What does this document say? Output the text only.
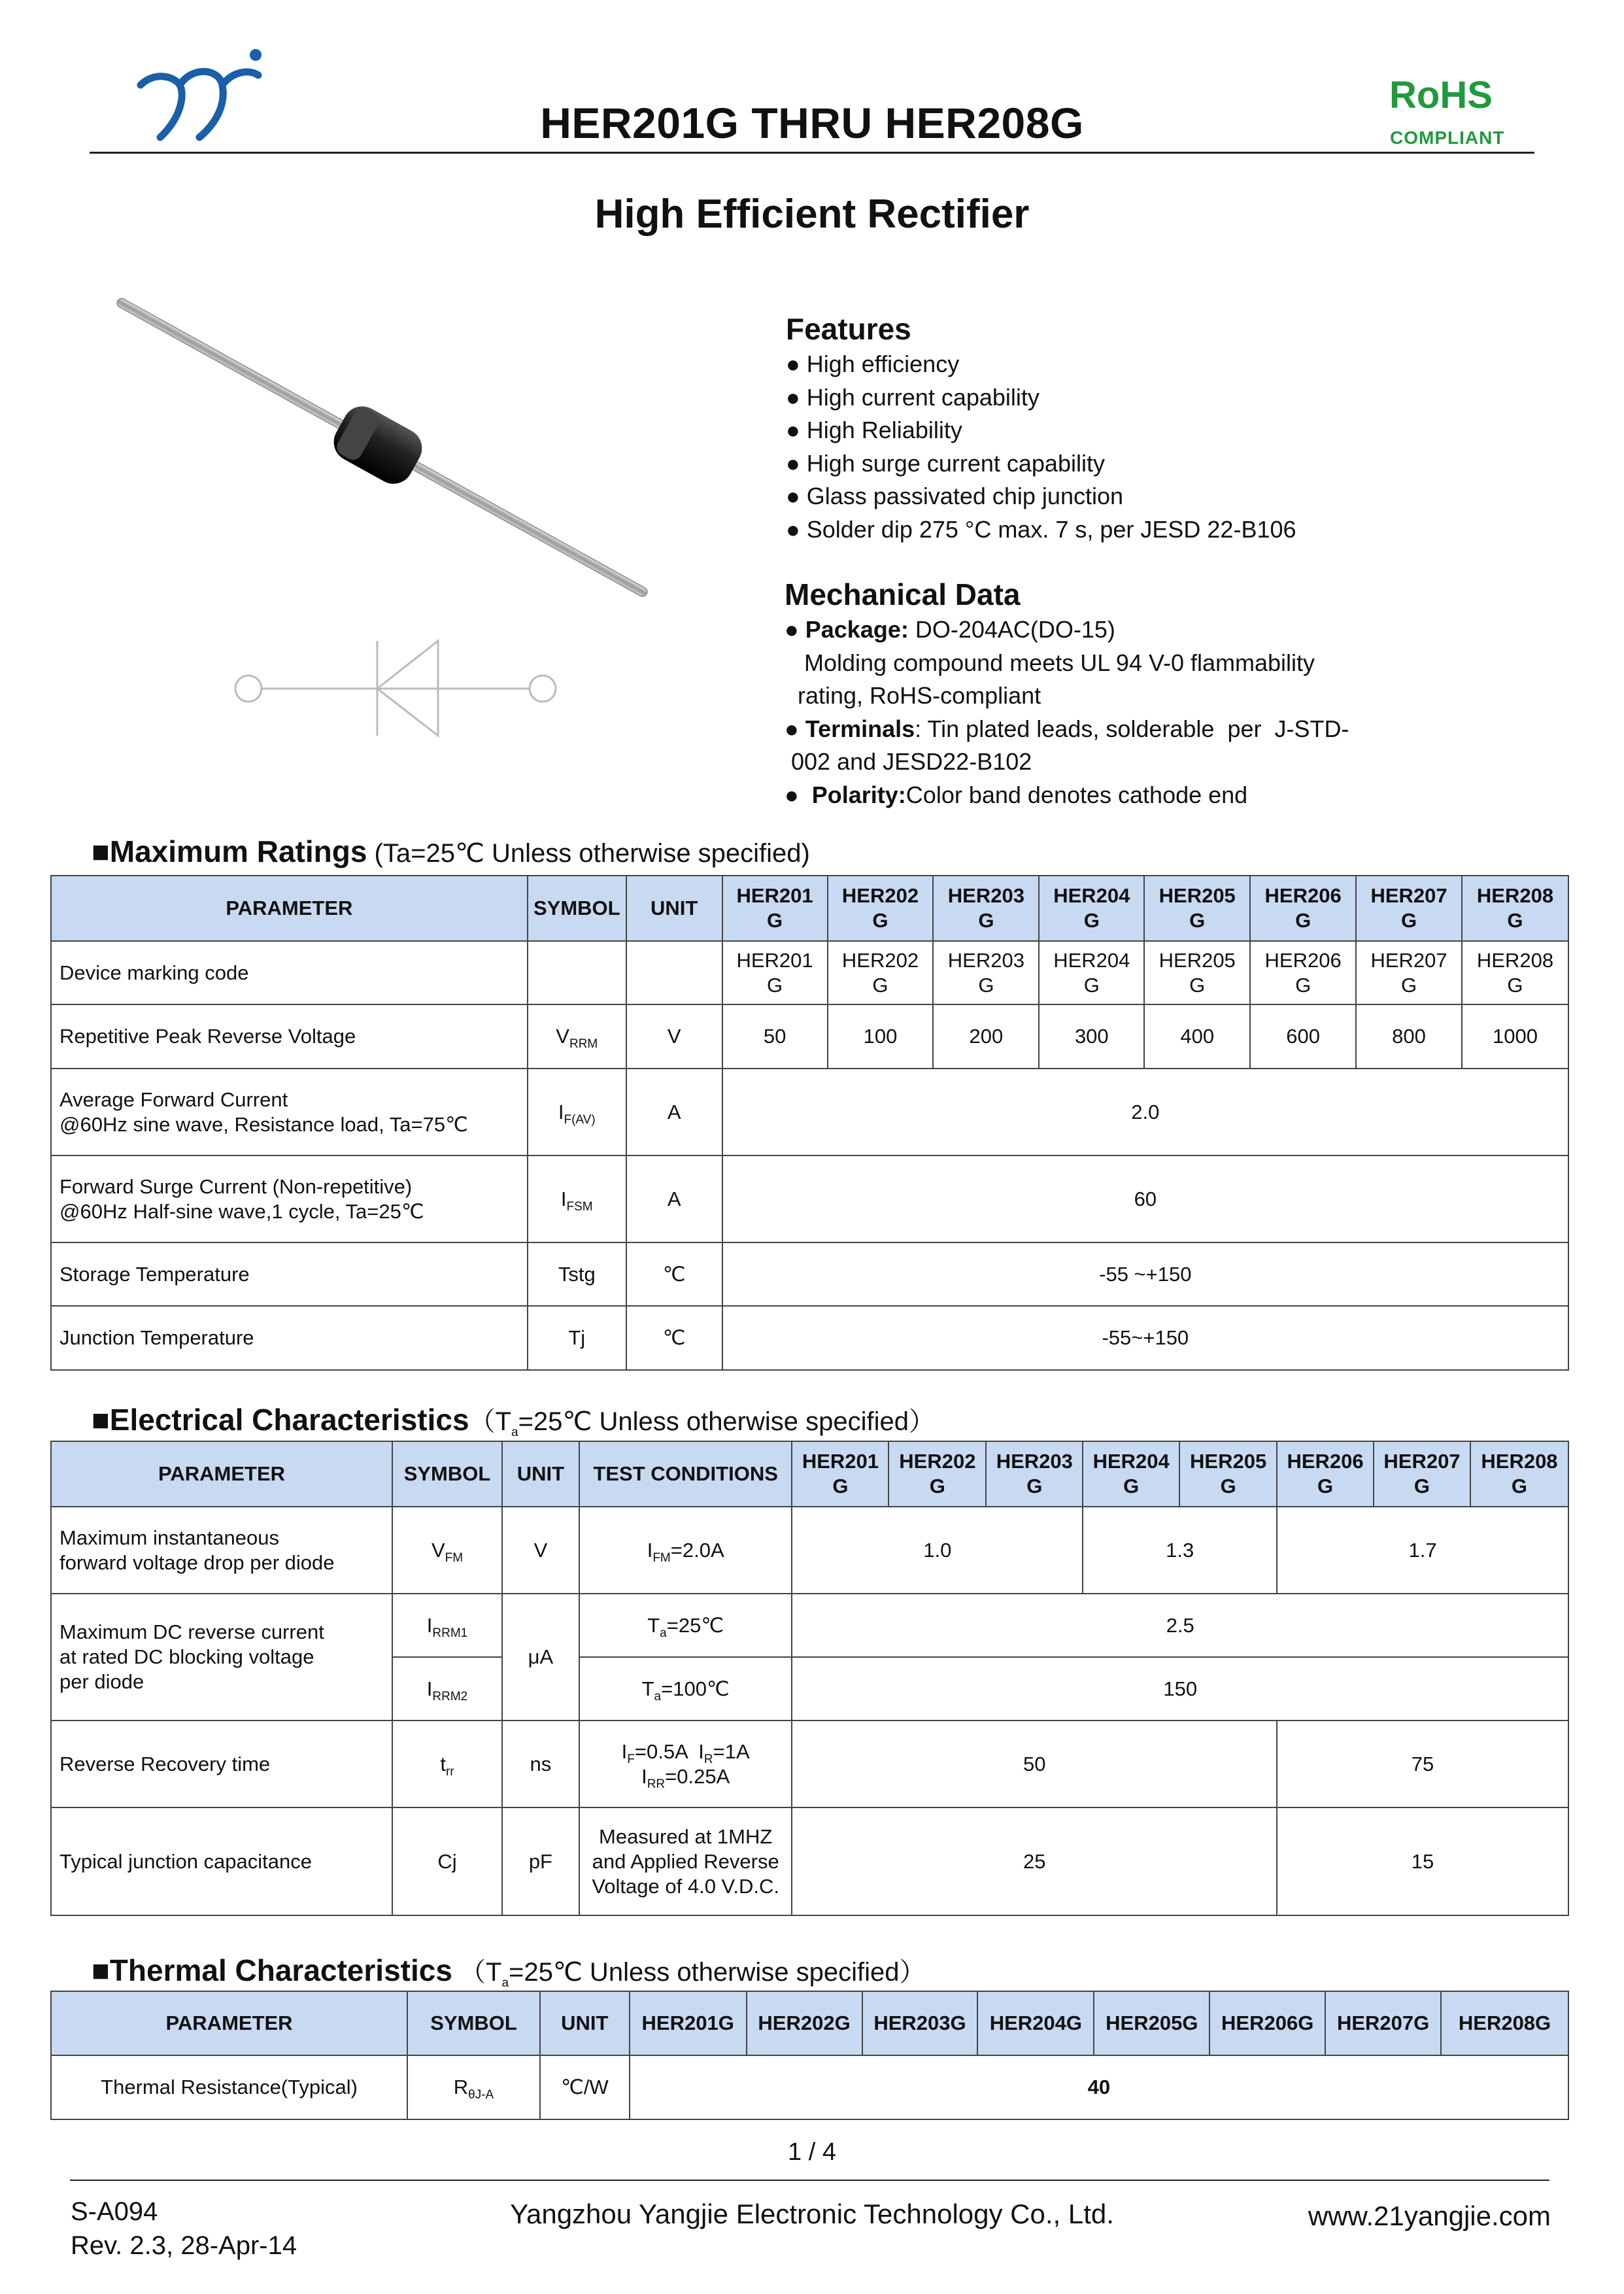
HER201G THRU HER208G
RoHS
COMPLIANT
High Efficient Rectifier
Features
● High efficiency
● High current capability
● High Reliability
● High surge current capability
● Glass passivated chip junction
● Solder dip 275 °C max. 7 s, per JESD 22-B106
Mechanical Data
● Package: DO-204AC(DO-15)
Molding compound meets UL 94 V-0 flammability
rating, RoHS-compliant
● Terminals: Tin plated leads, solderable  per  J-STD-
002 and JESD22-B102
●  Polarity:Color band denotes cathode end
■Maximum Ratings (Ta=25℃ Unless otherwise specified)
PARAMETER	SYMBOL	UNIT	HER201
G	HER202
G	HER203
G	HER204
G	HER205
G	HER206
G	HER207
G	HER208
G
Device marking code			HER201
G	HER202
G	HER203
G	HER204
G	HER205
G	HER206
G	HER207
G	HER208
G
Repetitive Peak Reverse Voltage	$V_{RRM}$	V	50	100	200	300	400	600	800	1000
Average Forward Current
@60Hz sine wave, Resistance load, Ta=75℃	$I_{F(AV)}$	A	2.0							
Forward Surge Current (Non-repetitive)
@60Hz Half-sine wave,1 cycle, Ta=25℃	$I_{FSM}$	A	60							
Storage Temperature	Tstg	℃	-55 ~+150							
Junction Temperature	Tj	℃	-55~+150							
■Electrical $Characteristics(T_a=25℃$ Unless otherwise specified）
PARAMETER	SYMBOL	UNIT	TEST CONDITIONS	HER201
G	HER202
G	HER203
G	HER204
G	HER205
G	HER206
G	HER207
G	HER208
G
Maximum instantaneous
forward voltage drop per diode	$V_{FM}$	V	$I_{FM}=2.0A$	1.0			1.3		1.7		
Maximum DC reverse current
at rated DC blocking voltage
per diode	$I_{RRM1}$	μA	$T_a=25℃$	2.5							
	$I_{RRM2}$		$T_a=100℃$	150							
Reverse Recovery time	$t_{rr}$	ns	$I_F=0.5A$  $I_R=1A$
$I_{RR}=0.25A$	50					75		
Typical junction capacitance	Cj	pF	Measured at 1MHZ
and Applied Reverse
Voltage of 4.0 V.D.C.	25					15		
■Thermal Characteristics （$T_a=25℃$ Unless otherwise specified）
PARAMETER	SYMBOL	UNIT	HER201G	HER202G	HER203G	HER204G	HER205G	HER206G	HER207G	HER208G
Thermal Resistance(Typical)	$R_{\theta J-A}$	℃/W	40							
1 / 4
S-A094
Rev. 2.3, 28-Apr-14
Yangzhou Yangjie Electronic Technology Co., Ltd.	www.21yangjie.com
